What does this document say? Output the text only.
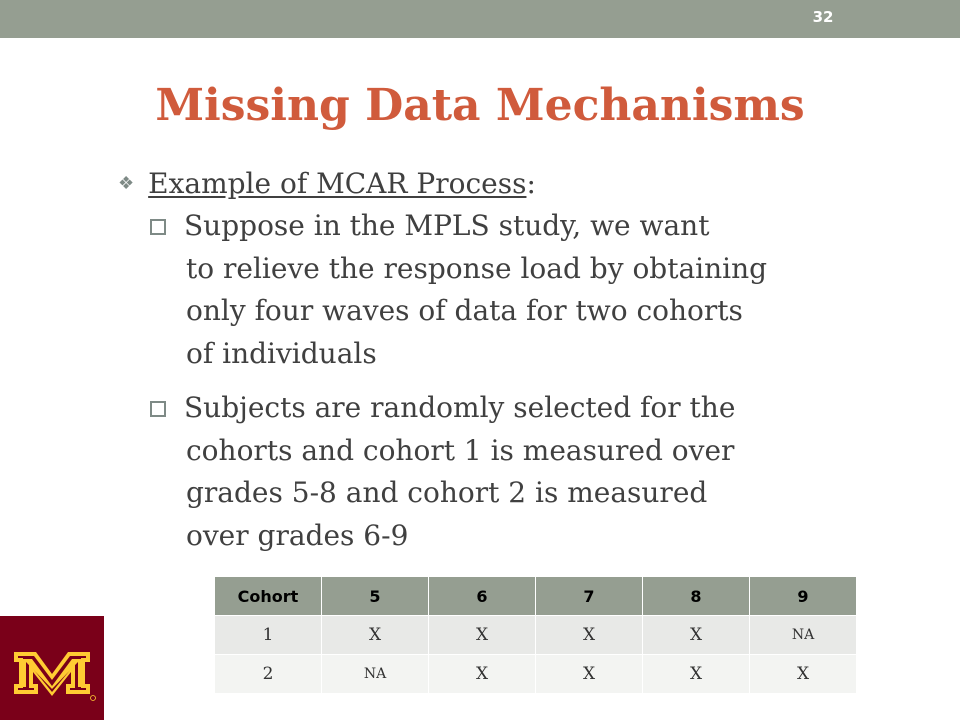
32
Missing Data Mechanisms
❖ Example of MCAR Process:
Suppose in the MPLS study, we want
to relieve the response load by obtaining
only four waves of data for two cohorts
of individuals
Subjects are randomly selected for the
cohorts and cohort 1 is measured over
grades 5-8 and cohort 2 is measured
over grades 6-9
Cohort	5	6	7	8	9
1	X	X	X	X	NA
2	NA	X	X	X	X
